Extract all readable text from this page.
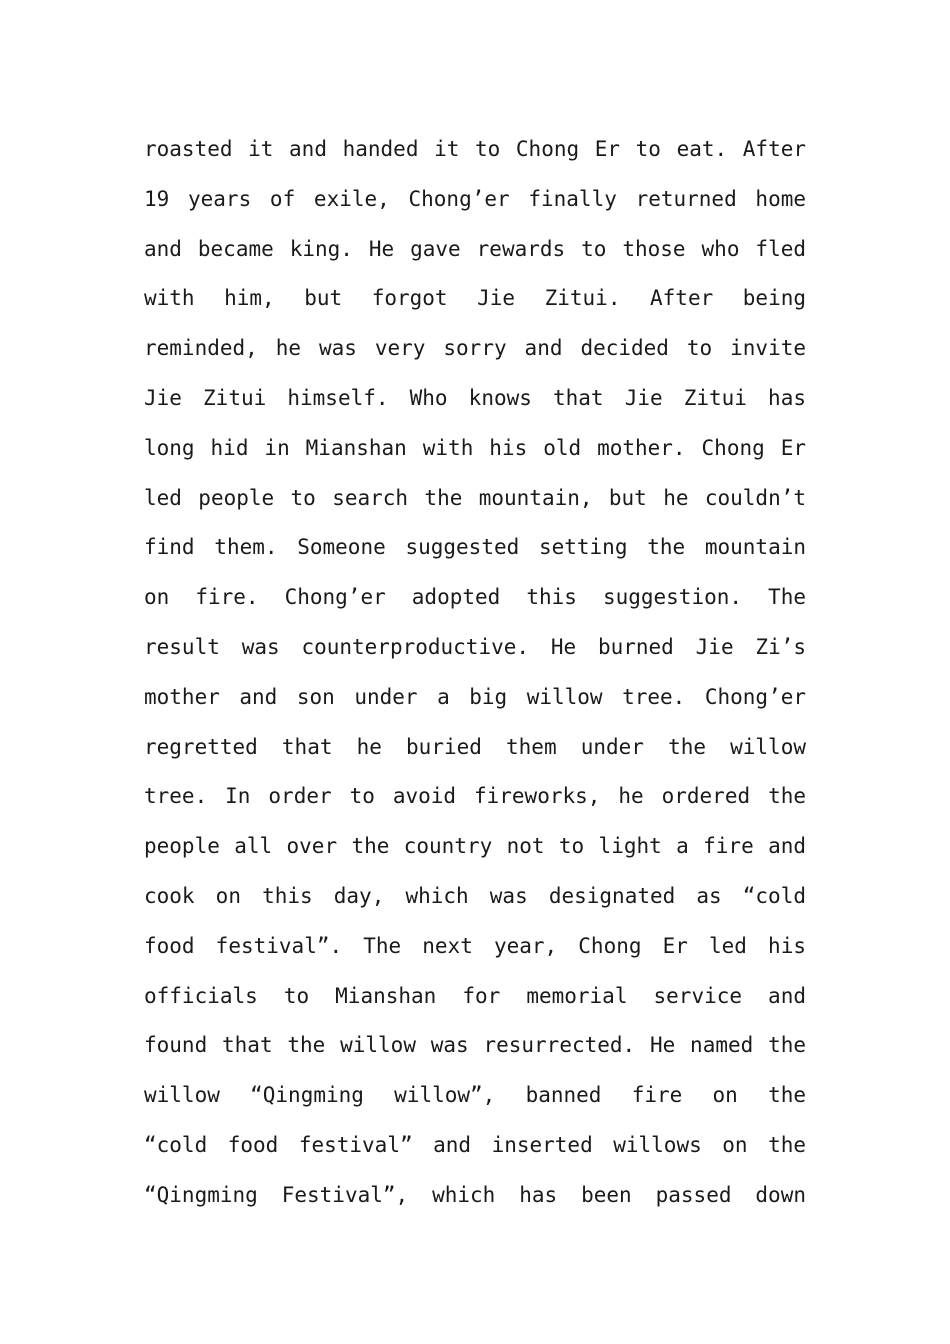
roasted it and handed it to Chong Er to eat. After
19 years of exile, Chong’er finally returned home
and became king. He gave rewards to those who fled
with him, but forgot Jie Zitui. After being
reminded, he was very sorry and decided to invite
Jie Zitui himself. Who knows that Jie Zitui has
long hid in Mianshan with his old mother. Chong Er
led people to search the mountain, but he couldn’t
find them. Someone suggested setting the mountain
on fire. Chong’er adopted this suggestion. The
result was counterproductive. He burned Jie Zi’s
mother and son under a big willow tree. Chong’er
regretted that he buried them under the willow
tree. In order to avoid fireworks, he ordered the
people all over the country not to light a fire and
cook on this day, which was designated as “cold
food festival”. The next year, Chong Er led his
officials to Mianshan for memorial service and
found that the willow was resurrected. He named the
willow “Qingming willow”, banned fire on the
“cold food festival” and inserted willows on the
“Qingming Festival”, which has been passed down
